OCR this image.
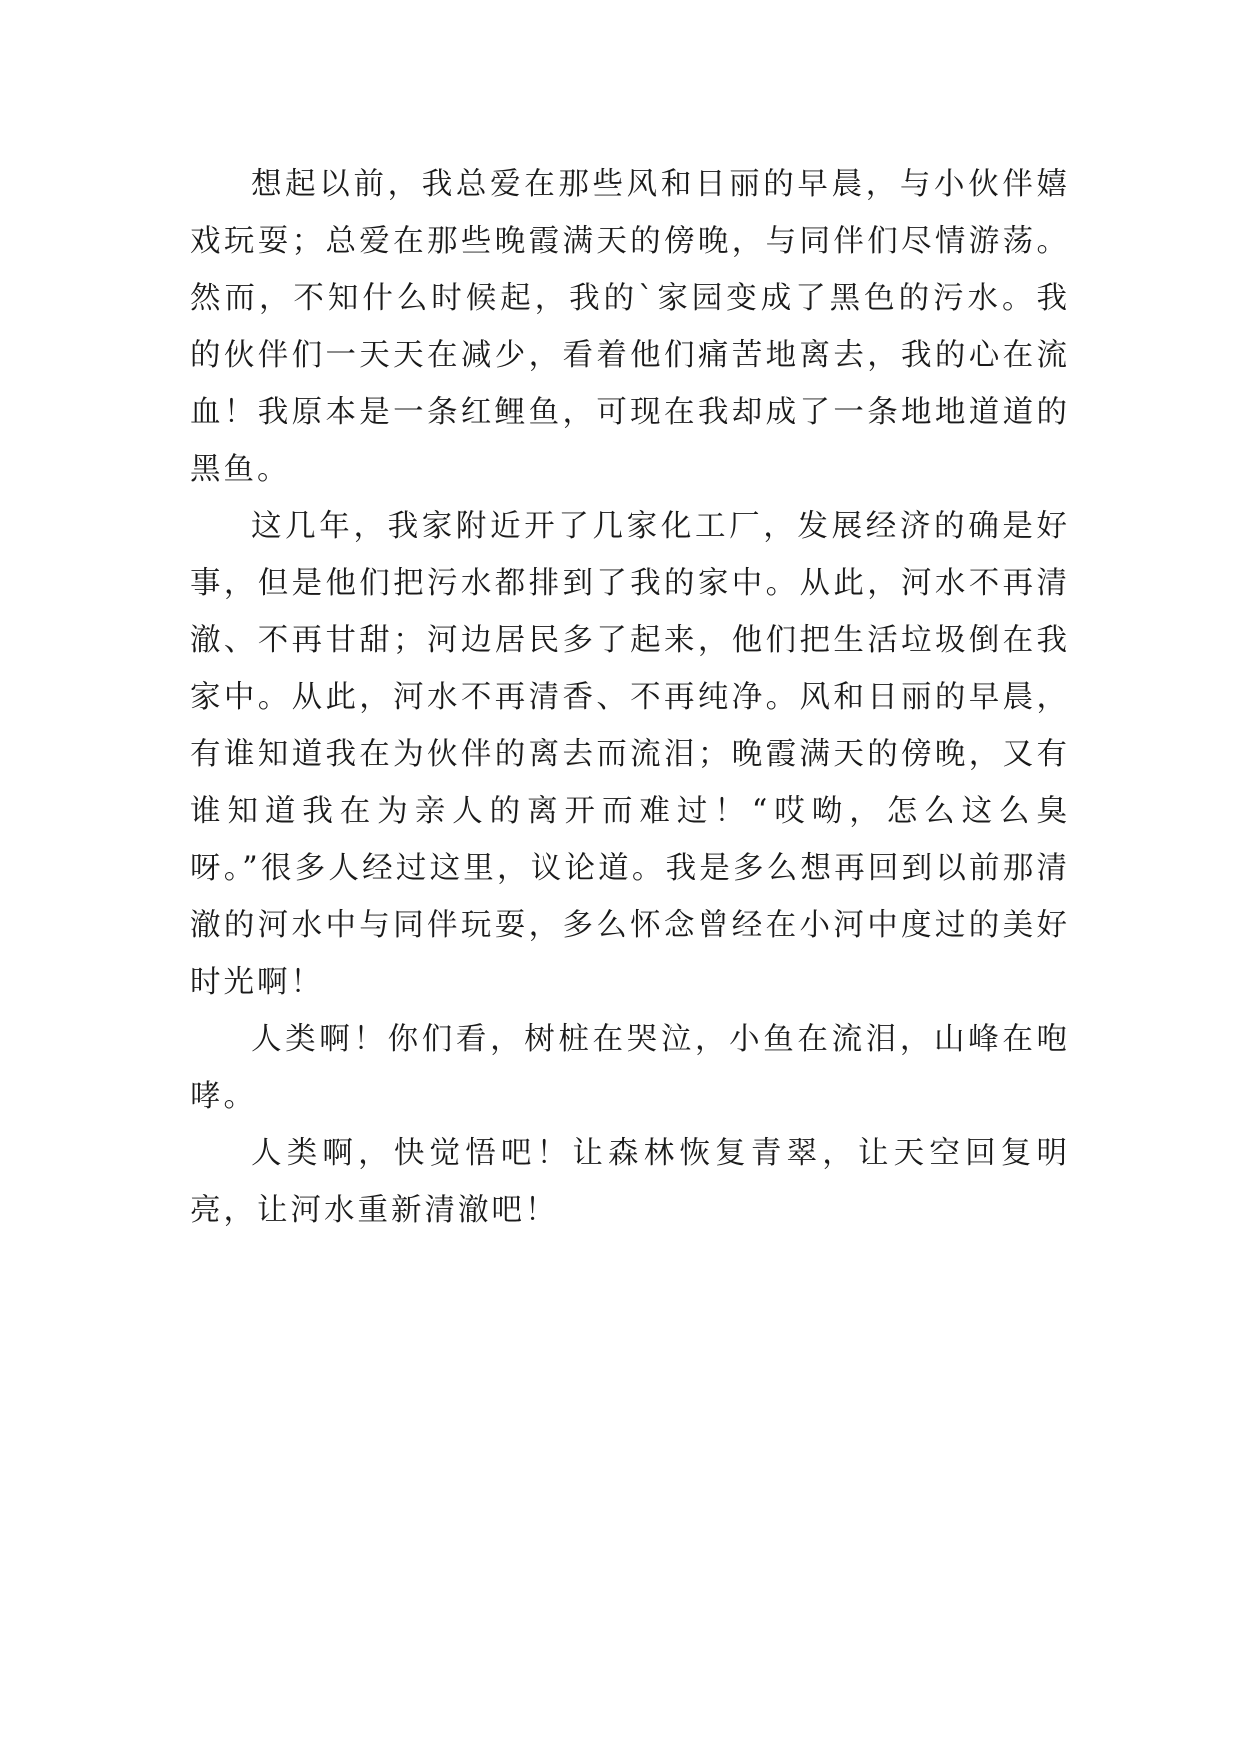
想起以前，我总爱在那些风和日丽的早晨，与小伙伴嬉戏玩耍；总爱在那些晚霞满天的傍晚，与同伴们尽情游荡。然而，不知什么时候起，我的`家园变成了黑色的污水。我的伙伴们一天天在减少，看着他们痛苦地离去，我的心在流血！我原本是一条红鲤鱼，可现在我却成了一条地地道道的黑鱼。

这几年，我家附近开了几家化工厂，发展经济的确是好事，但是他们把污水都排到了我的家中。从此，河水不再清澈、不再甘甜；河边居民多了起来，他们把生活垃圾倒在我家中。从此，河水不再清香、不再纯净。风和日丽的早晨，有谁知道我在为伙伴的离去而流泪；晚霞满天的傍晚，又有谁知道我在为亲人的离开而难过！“哎呦，怎么这么臭呀。”很多人经过这里，议论道。我是多么想再回到以前那清澈的河水中与同伴玩耍，多么怀念曾经在小河中度过的美好时光啊！

人类啊！你们看，树桩在哭泣，小鱼在流泪，山峰在咆哮。

人类啊，快觉悟吧！让森林恢复青翠，让天空回复明亮，让河水重新清澈吧！
